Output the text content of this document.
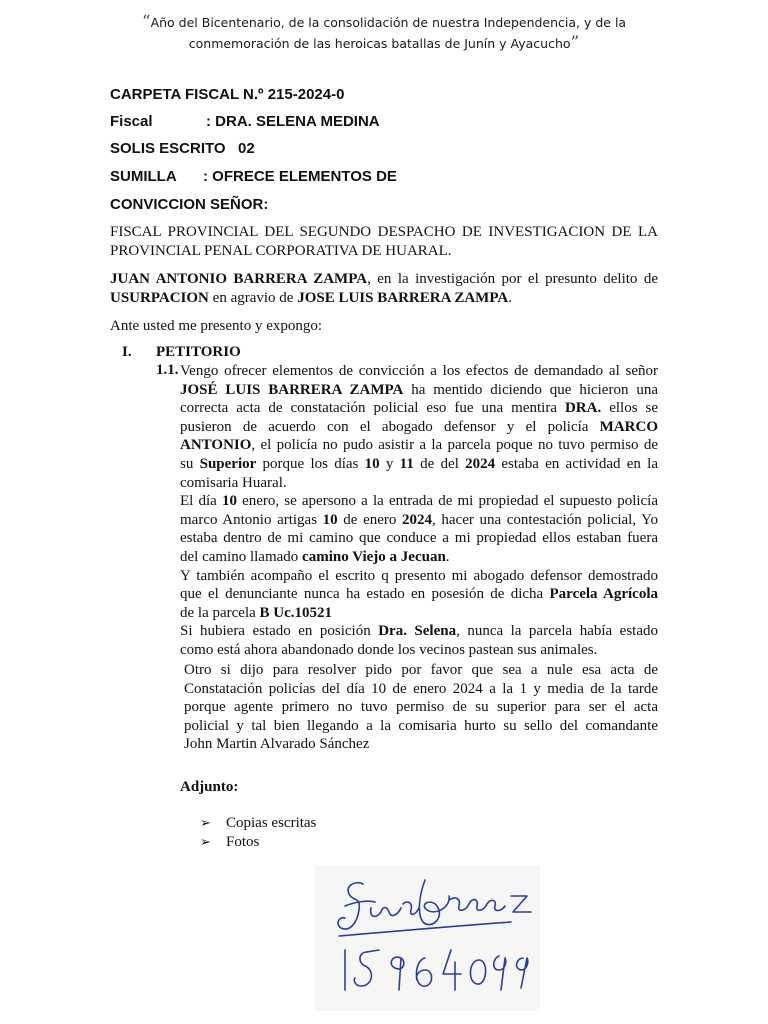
“Año del Bicentenario, de la consolidación de nuestra Independencia, y de la
conmemoración de las heroicas batallas de Junín y Ayacucho”
CARPETA FISCAL N.º 215-2024-0
Fiscal	: DRA. SELENA MEDINA
SOLIS ESCRITO 02
SUMILLA : OFRECE ELEMENTOS DE
CONVICCION SEÑOR:

FISCAL PROVINCIAL DEL SEGUNDO DESPACHO DE INVESTIGACION DE LA

PROVINCIAL PENAL CORPORATIVA DE HUARAL.

JUAN ANTONIO BARRERA ZAMPA, en la investigación por el presunto delito de

USURPACION en agravio de JOSE LUIS BARRERA ZAMPA.

Ante usted me presento y expongo:
I. PETITORIO
1.1. Vengo ofrecer elementos de convicción a los efectos de demandado al señor

JOSÉ LUIS BARRERA ZAMPA ha mentido diciendo que hicieron una

correcta acta de constatación policial eso fue una mentira DRA. ellos se

pusieron de acuerdo con el abogado defensor y el policía MARCO

ANTONIO, el policía no pudo asistir a la parcela poque no tuvo permiso de

su Superior porque los días 10 y 11 de del 2024 estaba en actividad en la

comisaria Huaral.

El día 10 enero, se apersono a la entrada de mi propiedad el supuesto policía

marco Antonio artigas 10 de enero 2024, hacer una contestación policial, Yo

estaba dentro de mi camino que conduce a mi propiedad ellos estaban fuera

del camino llamado camino Viejo a Jecuan.

Y también acompaño el escrito q presento mi abogado defensor demostrado

que el denunciante nunca ha estado en posesión de dicha Parcela Agrícola

de la parcela B Uc.10521

Si hubiera estado en posición Dra. Selena, nunca la parcela había estado

como está ahora abandonado donde los vecinos pastean sus animales.

Otro si dijo para resolver pido por favor que sea a nule esa acta de

Constatación policías del día 10 de enero 2024 a la 1 y media de la tarde

porque agente primero no tuvo permiso de su superior para ser el acta

policial y tal bien llegando a la comisaria hurto su sello del comandante

John Martin Alvarado Sánchez

Adjunto:
➢ Copias escritas
➢ Fotos
